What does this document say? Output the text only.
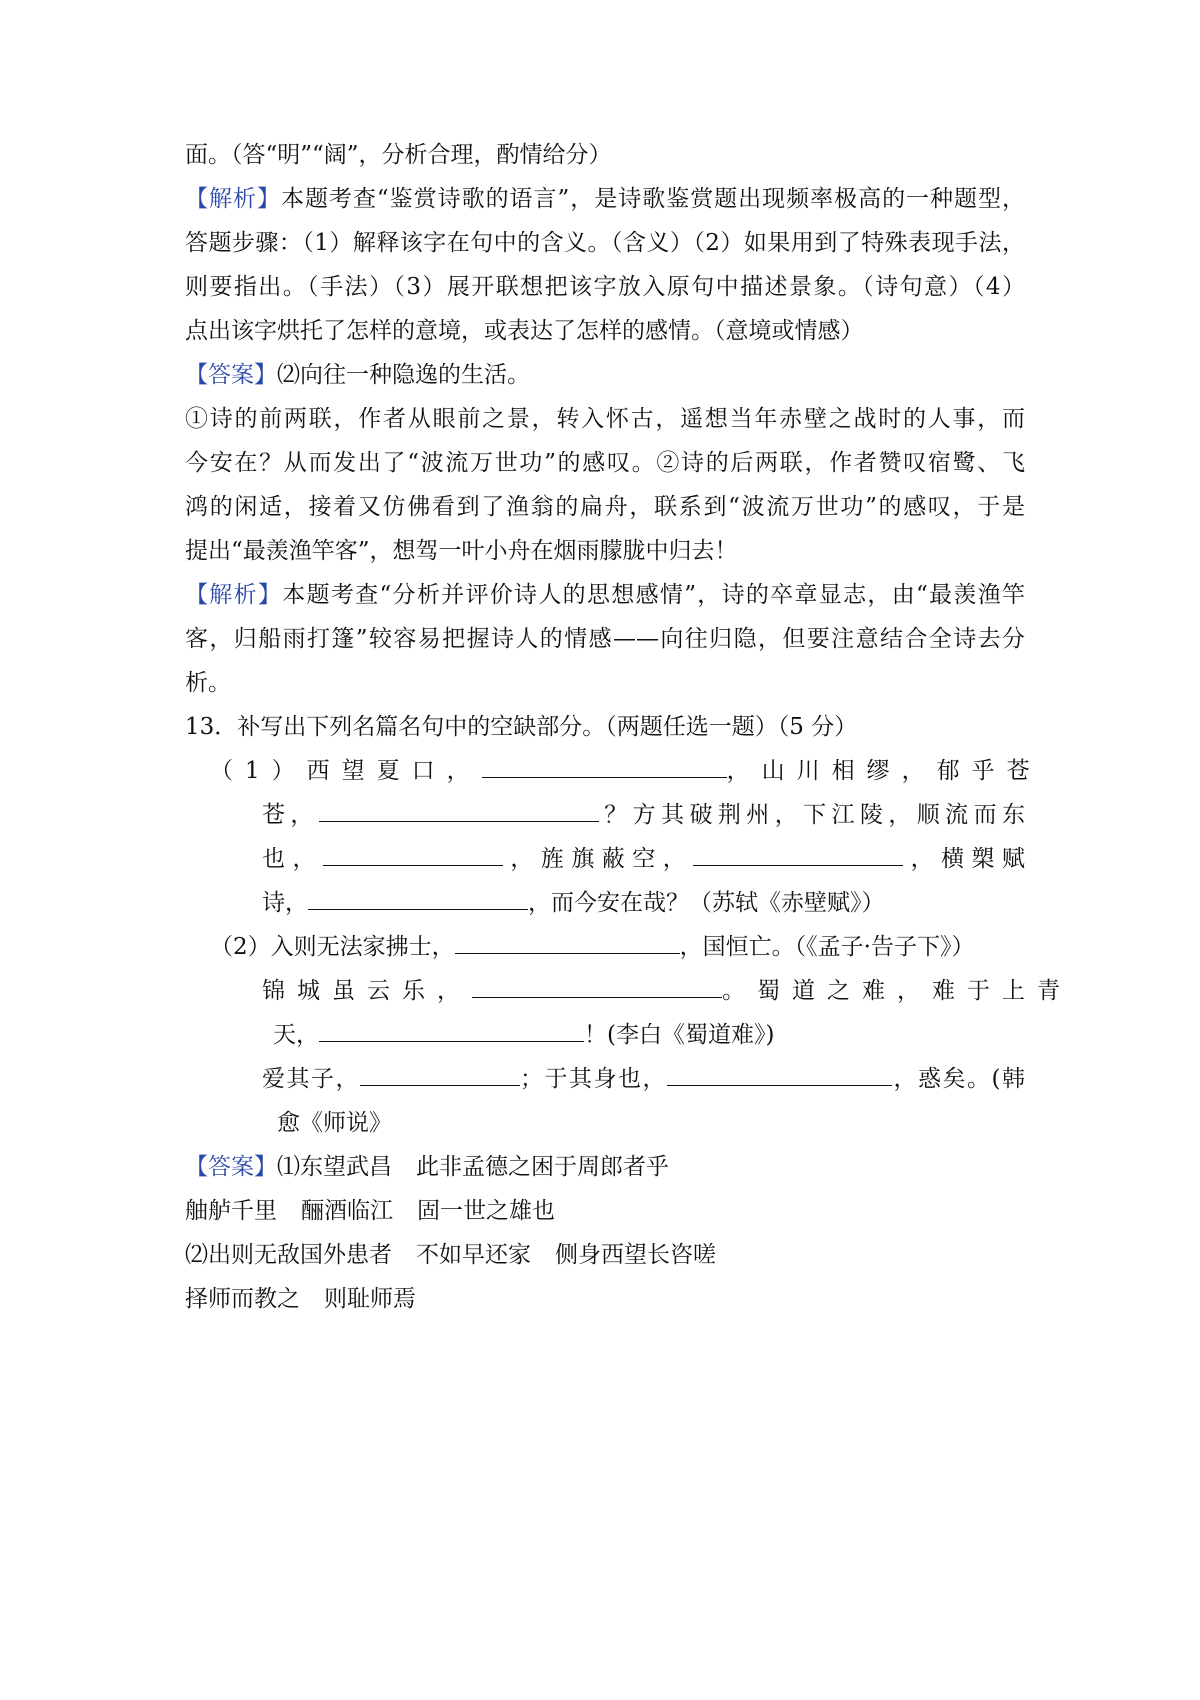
面。（答“明”“阔”，分析合理，酌情给分）
【解析】本题考查“鉴赏诗歌的语言”，是诗歌鉴赏题出现频率极高的一种题型，
答题步骤：（1）解释该字在句中的含义。（含义）（2）如果用到了特殊表现手法，
则要指出。（手法）（3）展开联想把该字放入原句中描述景象。（诗句意）（4）
点出该字烘托了怎样的意境，或表达了怎样的感情。（意境或情感）
【答案】⑵向往一种隐逸的生活。
①诗的前两联，作者从眼前之景，转入怀古，遥想当年赤壁之战时的人事，而
今安在？从而发出了“波流万世功”的感叹。②诗的后两联，作者赞叹宿鹭、飞
鸿的闲适，接着又仿佛看到了渔翁的扁舟，联系到“波流万世功”的感叹，于是
提出“最羡渔竿客”，想驾一叶小舟在烟雨朦胧中归去！
【解析】本题考查“分析并评价诗人的思想感情”，诗的卒章显志，由“最羡渔竿
客，归船雨打篷”较容易把握诗人的情感——向往归隐，但要注意结合全诗去分
析。
13．补写出下列名篇名句中的空缺部分。（两题任选一题）（5 分）
（1）西望夏口，	，山川相缪，郁乎苍
苍，	？方其破荆州，下江陵，顺流而东
也，	，旌旗蔽空，	，横槊赋
诗，	，而今安在哉？（苏轼《赤壁赋》）
（2）入则无法家拂士，	，国恒亡。（《孟子·告子下》）
锦城虽云乐，	。蜀道之难，难于上青
天，	！(李白《蜀道难》)
爱其子，	；于其身也，	，惑矣。(韩
愈《师说》
【答案】⑴东望武昌 此非孟德之困于周郎者乎
舳舻千里 酾酒临江 固一世之雄也
⑵出则无敌国外患者 不如早还家 侧身西望长咨嗟
择师而教之 则耻师焉
